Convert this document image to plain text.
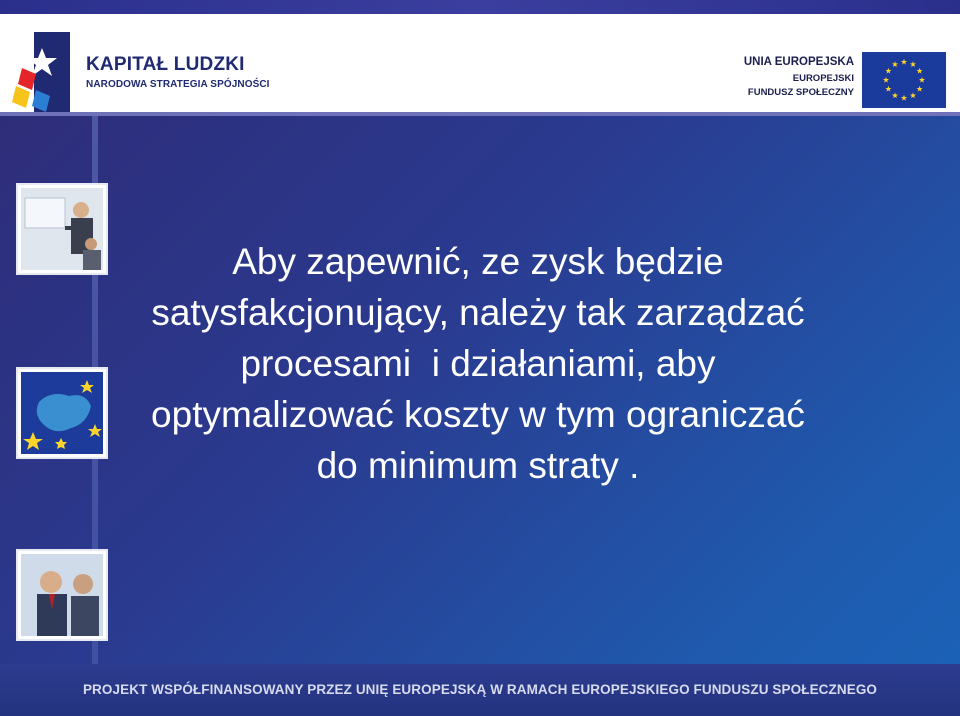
KAPITAŁ LUDZKI
NARODOWA STRATEGIA SPÓJNOŚCI
UNIA EUROPEJSKA
EUROPEJSKI
FUNDUSZ SPOŁECZNY
Aby zapewnić, ze zysk będzie
satysfakcjonujący, należy tak zarządzać
procesami  i działaniami, aby
optymalizować koszty w tym ograniczać
do minimum straty .
PROJEKT WSPÓŁFINANSOWANY PRZEZ UNIĘ EUROPEJSKĄ W RAMACH EUROPEJSKIEGO FUNDUSZU SPOŁECZNEGO
